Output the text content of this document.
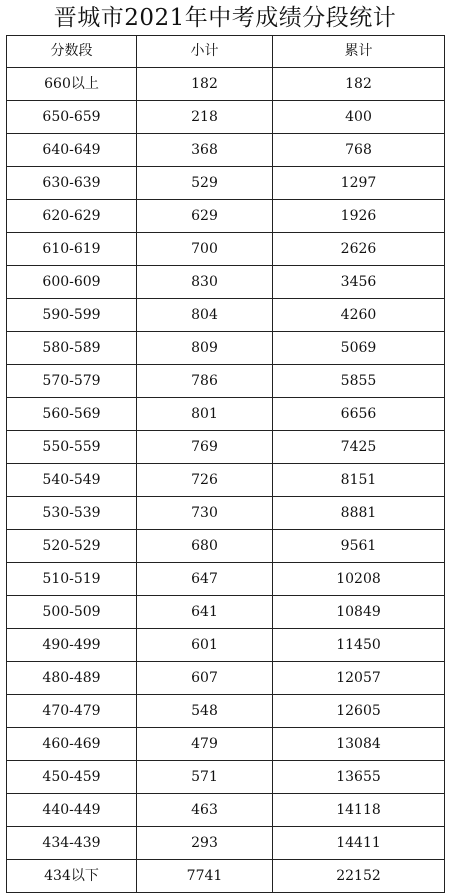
晋城市2021年中考成绩分段统计
分数段	小计	累计
660以上	182	182
650-659	218	400
640-649	368	768
630-639	529	1297
620-629	629	1926
610-619	700	2626
600-609	830	3456
590-599	804	4260
580-589	809	5069
570-579	786	5855
560-569	801	6656
550-559	769	7425
540-549	726	8151
530-539	730	8881
520-529	680	9561
510-519	647	10208
500-509	641	10849
490-499	601	11450
480-489	607	12057
470-479	548	12605
460-469	479	13084
450-459	571	13655
440-449	463	14118
434-439	293	14411
434以下	7741	22152
